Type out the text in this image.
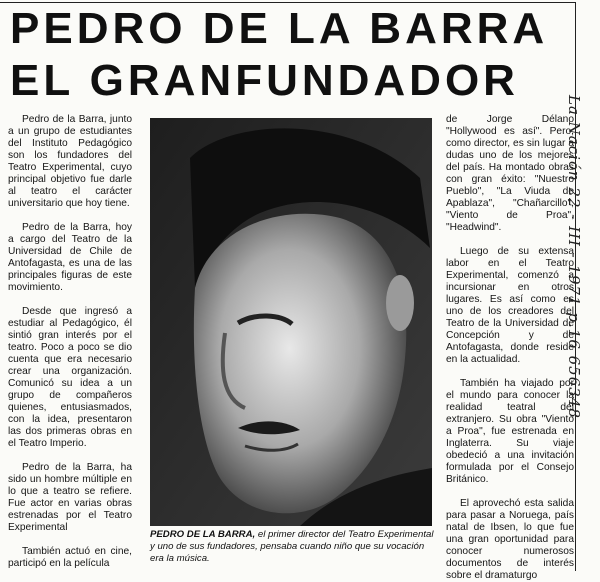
PEDRO DE LA BARRA
EL GRANFUNDADOR

Pedro de la Barra, junto a un grupo de estudiantes del Instituto Pedagógico son los fundadores del Teatro Experimental, cuyo principal objetivo fue darle al teatro el carácter universitario que hoy tiene.

Pedro de la Barra, hoy a cargo del Teatro de la Universidad de Chile de Antofagasta, es una de las principales figuras de este movimiento.

Desde que ingresó a estudiar al Pedagógico, él sintió gran interés por el teatro. Poco a poco se dio cuenta que era necesario crear una organización. Comunicó su idea a un grupo de compañeros quienes, entusiasmados, con la idea, presentaron las dos primeras obras en el Teatro Imperio.

Pedro de la Barra, ha sido un hombre múltiple en lo que a teatro se refiere. Fue actor en varias obras estrenadas por el Teatro Experimental

También actuó en cine, participó en la película

PEDRO DE LA BARRA, el primer director del Teatro Experimental y uno de sus fundadores, pensaba cuando niño que su vocación era la música.

de Jorge Délano "Hollywood es así". Pero, como director, es sin lugar a dudas uno de los mejores del país. Ha montado obras con gran éxito: "Nuestro Pueblo", "La Viuda de Apablaza", "Chañarcillo", "Viento de Proa", "Headwind".

Luego de su extensa labor en el Teatro Experimental, comenzó a incursionar en otros lugares. Es así como es uno de los creadores del Teatro de la Universidad de Concepción y de Antofagasta, donde reside en la actualidad.

También ha viajado por el mundo para conocer la realidad teatral del extranjero. Su obra "Viento a Proa", fue estrenada en Inglaterra. Su viaje obedeció a una invitación formulada por el Consejo Británico.

El aprovechó esta salida para pasar a Noruega, país natal de Ibsen, lo que fue una gran oportunidad para conocer numerosos documentos de interés sobre el dramaturgo

La Nación 22 - III - 1971 p.16 656348
